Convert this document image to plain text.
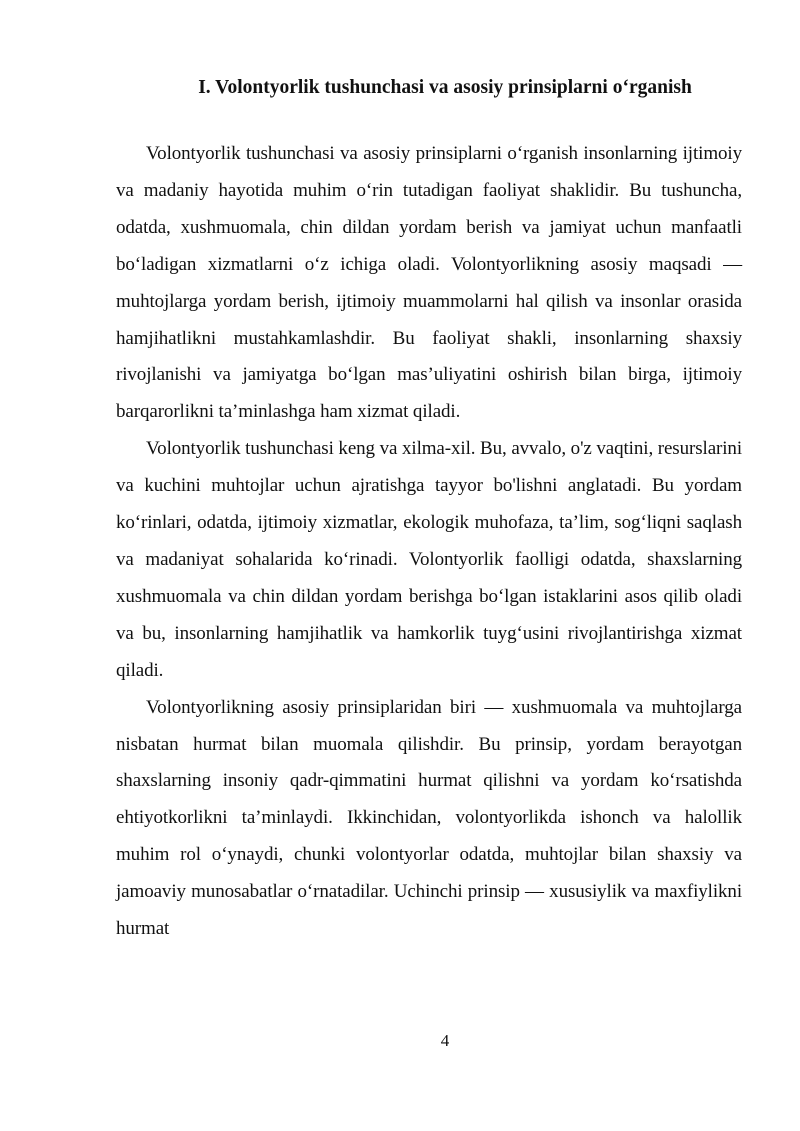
I. Volontyorlik tushunchasi va asosiy prinsiplarni o‘rganish

Volontyorlik tushunchasi va asosiy prinsiplarni o‘rganish insonlarning ijtimoiy va madaniy hayotida muhim o‘rin tutadigan faoliyat shaklidir. Bu tushuncha, odatda, xushmuomala, chin dildan yordam berish va jamiyat uchun manfaatli bo‘ladigan xizmatlarni o‘z ichiga oladi. Volontyorlikning asosiy maqsadi — muhtojlarga yordam berish, ijtimoiy muammolarni hal qilish va insonlar orasida hamjihatlikni mustahkamlashdir. Bu faoliyat shakli, insonlarning shaxsiy rivojlanishi va jamiyatga bo‘lgan mas’uliyatini oshirish bilan birga, ijtimoiy barqarorlikni ta’minlashga ham xizmat qiladi.

Volontyorlik tushunchasi keng va xilma-xil. Bu, avvalo, o'z vaqtini, resurslarini va kuchini muhtojlar uchun ajratishga tayyor bo'lishni anglatadi. Bu yordam ko‘rinlari, odatda, ijtimoiy xizmatlar, ekologik muhofaza, ta’lim, sog‘liqni saqlash va madaniyat sohalarida ko‘rinadi. Volontyorlik faolligi odatda, shaxslarning xushmuomala va chin dildan yordam berishga bo‘lgan istaklarini asos qilib oladi va bu, insonlarning hamjihatlik va hamkorlik tuyg‘usini rivojlantirishga xizmat qiladi.

Volontyorlikning asosiy prinsiplaridan biri — xushmuomala va muhtojlarga nisbatan hurmat bilan muomala qilishdir. Bu prinsip, yordam berayotgan shaxslarning insoniy qadr-qimmatini hurmat qilishni va yordam ko‘rsatishda ehtiyotkorlikni ta’minlaydi. Ikkinchidan, volontyorlikda ishonch va halollik muhim rol o‘ynaydi, chunki volontyorlar odatda, muhtojlar bilan shaxsiy va jamoaviy munosabatlar o‘rnatadilar. Uchinchi prinsip — xususiylik va maxfiylikni hurmat

4
